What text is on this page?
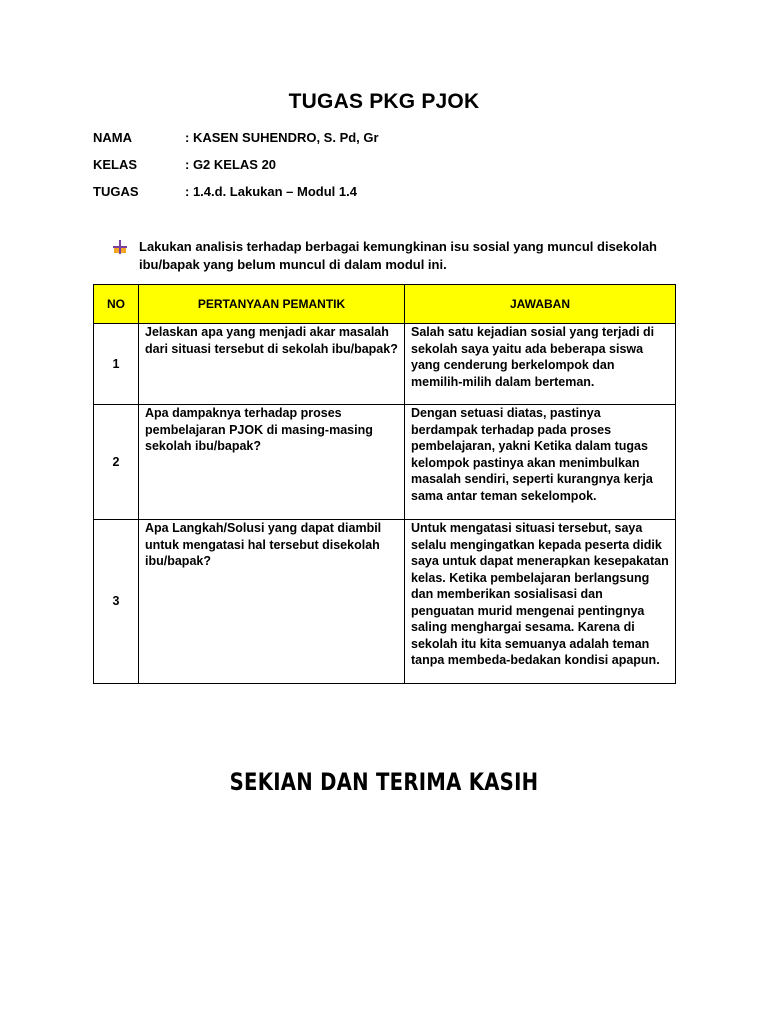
TUGAS PKG PJOK
NAMA	: KASEN SUHENDRO, S. Pd, Gr
KELAS	: G2 KELAS 20
TUGAS	: 1.4.d. Lakukan – Modul 1.4
Lakukan analisis terhadap berbagai kemungkinan isu sosial yang muncul disekolah ibu/bapak yang belum muncul di dalam modul ini.
NO	PERTANYAAN PEMANTIK	JAWABAN

1	Jelaskan apa yang menjadi akar masalah dari situasi tersebut di sekolah ibu/bapak?	Salah satu kejadian sosial yang terjadi di sekolah saya yaitu ada beberapa siswa yang cenderung berkelompok dan memilih-milih dalam berteman.

2	Apa dampaknya terhadap proses pembelajaran PJOK di masing-masing sekolah ibu/bapak?	Dengan setuasi diatas, pastinya berdampak terhadap pada proses pembelajaran, yakni Ketika dalam tugas kelompok pastinya akan menimbulkan masalah sendiri, seperti kurangnya kerja sama antar teman sekelompok.

3	Apa Langkah/Solusi yang dapat diambil untuk mengatasi hal tersebut disekolah ibu/bapak?	Untuk mengatasi situasi tersebut, saya selalu mengingatkan kepada peserta didik saya untuk dapat menerapkan kesepakatan kelas. Ketika pembelajaran berlangsung dan memberikan sosialisasi dan penguatan murid mengenai pentingnya saling menghargai sesama. Karena di sekolah itu kita semuanya adalah teman tanpa membeda-bedakan kondisi apapun.
SEKIAN DAN TERIMA KASIH
